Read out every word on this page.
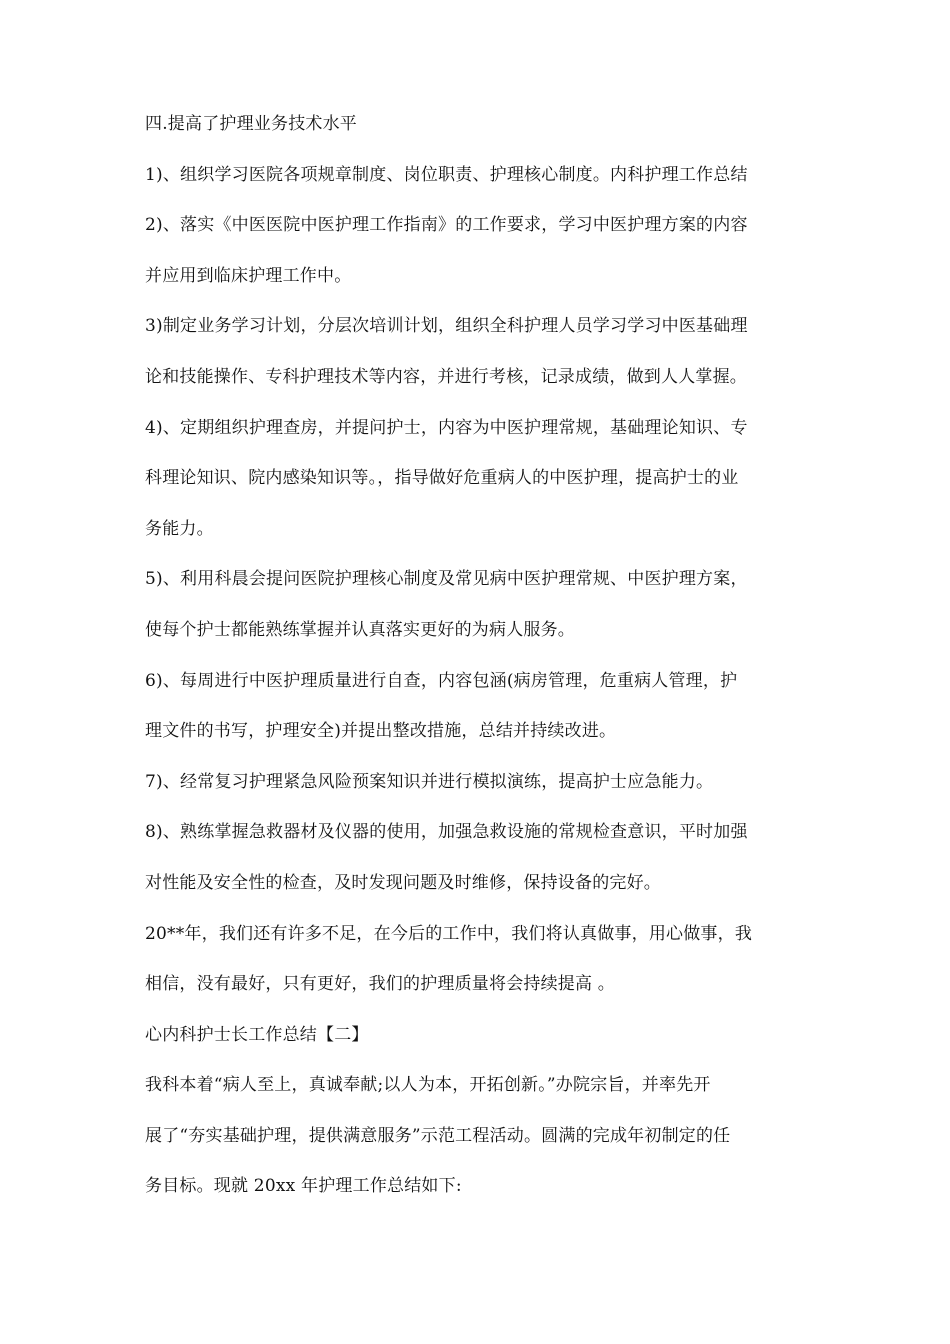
四.提高了护理业务技术水平
1)、组织学习医院各项规章制度、岗位职责、护理核心制度。内科护理工作总结
2)、落实《中医医院中医护理工作指南》的工作要求，学习中医护理方案的内容
并应用到临床护理工作中。
3)制定业务学习计划，分层次培训计划，组织全科护理人员学习学习中医基础理
论和技能操作、专科护理技术等内容，并进行考核，记录成绩，做到人人掌握。
4)、定期组织护理查房，并提问护士，内容为中医护理常规，基础理论知识、专
科理论知识、院内感染知识等。，指导做好危重病人的中医护理，提高护士的业
务能力。
5)、利用科晨会提问医院护理核心制度及常见病中医护理常规、中医护理方案，
使每个护士都能熟练掌握并认真落实更好的为病人服务。
6)、每周进行中医护理质量进行自查，内容包涵(病房管理，危重病人管理，护
理文件的书写，护理安全)并提出整改措施，总结并持续改进。
7)、经常复习护理紧急风险预案知识并进行模拟演练，提高护士应急能力。
8)、熟练掌握急救器材及仪器的使用，加强急救设施的常规检查意识，平时加强
对性能及安全性的检查，及时发现问题及时维修，保持设备的完好。
20**年，我们还有许多不足，在今后的工作中，我们将认真做事，用心做事，我
相信，没有最好，只有更好，我们的护理质量将会持续提高 。
心内科护士长工作总结【二】
我科本着“病人至上，真诚奉献;以人为本，开拓创新。”办院宗旨，并率先开
展了“夯实基础护理，提供满意服务”示范工程活动。圆满的完成年初制定的任
务目标。现就 20xx 年护理工作总结如下:
